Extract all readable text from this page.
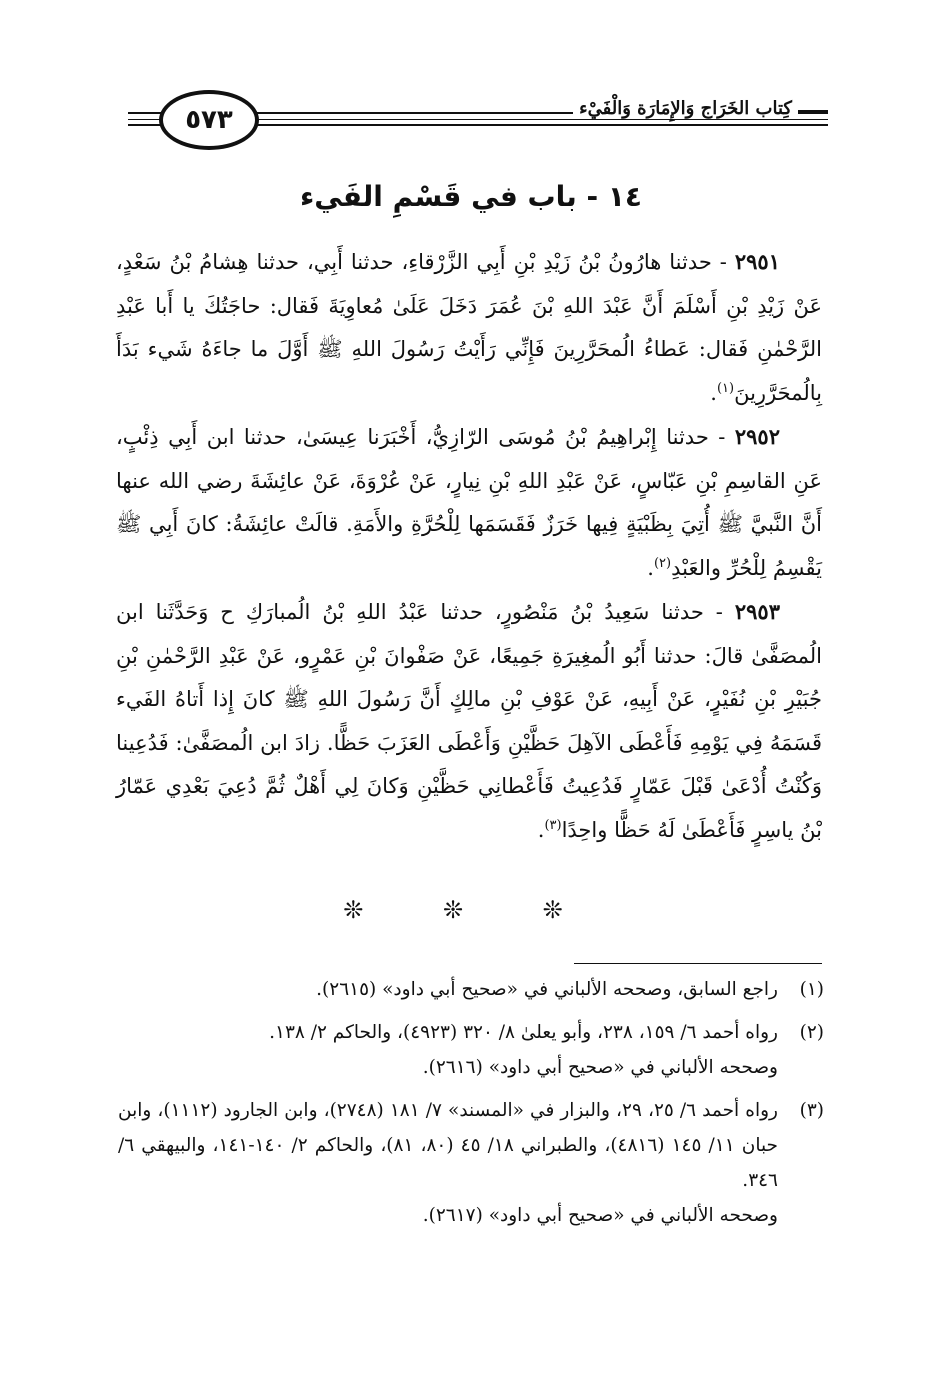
كِتاب الخَرَاج وَالإِمَارَة وَالْفَيْء
٥٧٣
١٤ - باب في قَسْمِ الفَيء

٢٩٥١ - حدثنا هارُونُ بْنُ زَيْدِ بْنِ أَبِي الزَّرْقاءِ، حدثنا أَبِي، حدثنا هِشامُ بْنُ سَعْدٍ، عَنْ زَيْدِ بْنِ أَسْلَمَ أَنَّ عَبْدَ اللهِ بْنَ عُمَرَ دَخَلَ عَلَىٰ مُعاوِيَةَ فَقال: حاجَتُكَ يا أَبا عَبْدِ الرَّحْمٰنِ فَقال: عَطاءُ الُمحَرَّرِينَ فَإِنِّي رَأَيْتُ رَسُولَ اللهِ ﷺ أَوَّلَ ما جاءَهُ شَيء بَدَأَ بِالُمحَرَّرِينَ$^{(١)}$.

٢٩٥٢ - حدثنا إِبْراهِيمُ بْنُ مُوسَى الرّازِيُّ، أَخْبَرَنا عِيسَىٰ، حدثنا ابن أَبِي ذِئْبٍ، عَنِ القاسِمِ بْنِ عَبّاسٍ، عَنْ عَبْدِ اللهِ بْنِ نِيارٍ، عَنْ عُرْوَةَ، عَنْ عائِشَةَ رضي الله عنها أَنَّ النَّبيَّ ﷺ أُتِيَ بِظَبْيَةٍ فِيها خَرَزٌ فَقَسَمَها لِلْحُرَّةِ والأَمَةِ. قالَتْ عائِشَةُ: كانَ أَبِي ﷺ يَقْسِمُ لِلْحُرِّ والعَبْدِ$^{(٢)}$.

٢٩٥٣ - حدثنا سَعِيدُ بْنُ مَنْصُورٍ، حدثنا عَبْدُ اللهِ بْنُ الُمبارَكِ ح وَحَدَّثَنا ابن الُمصَفَّىٰ قالَ: حدثنا أَبُو الُمغِيرَةِ جَمِيعًا، عَنْ صَفْوانَ بْنِ عَمْرٍو، عَنْ عَبْدِ الرَّحْمٰنِ بْنِ جُبَيْرِ بْنِ نُفَيْرٍ، عَنْ أَبِيهِ، عَنْ عَوْفِ بْنِ مالِكٍ أَنَّ رَسُولَ اللهِ ﷺ كانَ إِذا أَتاهُ الفَيء قَسَمَهُ فِي يَوْمِهِ فَأَعْطَى الآهِلَ حَظَّيْنِ وَأَعْطَى العَزَبَ حَظًّا. زادَ ابن الُمصَفَّىٰ: فَدُعِينا وَكُنْتُ أُدْعَىٰ قَبْلَ عَمّارٍ فَدُعِيتُ فَأَعْطانِي حَظَّيْنِ وَكانَ لِي أَهْلٌ ثُمَّ دُعِيَ بَعْدِي عَمّارُ بْنُ ياسِرٍ فَأَعْطَىٰ لَهُ حَظًّا واحِدًا$^{(٣)}$.

❊ ❊ ❊
(١)
راجع السابق، وصححه الألباني في «صحيح أبي داود» (٢٦١٥).
(٢)
رواه أحمد ٦/ ١٥٩، ٢٣٨، وأبو يعلىٰ ٨/ ٣٢٠ (٤٩٢٣)، والحاكم ٢/ ١٣٨.
وصححه الألباني في «صحيح أبي داود» (٢٦١٦).
(٣)
رواه أحمد ٦/ ٢٥، ٢٩، والبزار في «المسند» ٧/ ١٨١ (٢٧٤٨)، وابن الجارود (١١١٢)، وابن حبان ١١/ ١٤٥ (٤٨١٦)، والطبراني ١٨/ ٤٥ (٨٠، ٨١)، والحاكم ٢/ ١٤٠-١٤١، والبيهقي ٦/ ٣٤٦.
وصححه الألباني في «صحيح أبي داود» (٢٦١٧).
